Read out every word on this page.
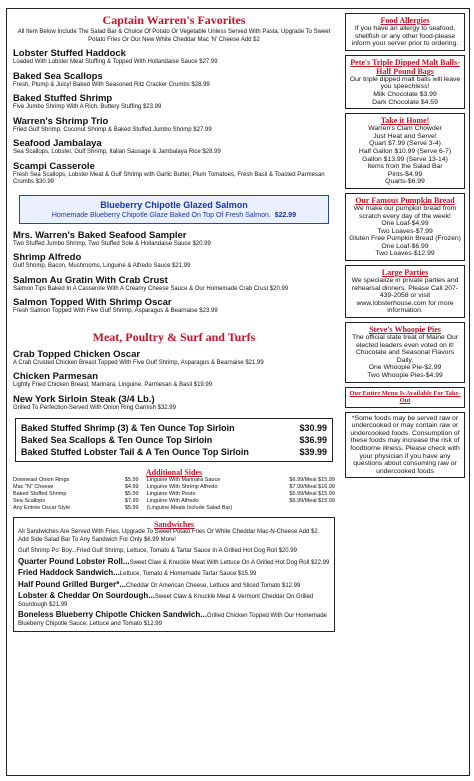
Captain Warren's Favorites
All Item Below Include The Salad Bar & Choice Of Potato Or Vegetable Unless Served With Pasta. Upgrade To Sweet Potato Fries Or Our New White Cheddar Mac 'N' Cheese Add $2
Lobster Stuffed Haddock
Loaded With Lobster Meat Stuffing & Topped With Hollandaise Sauce $27.99
Baked Sea Scallops
Fresh, Plump & Juicy! Baked With Seasoned Ritz Cracker Crumbs $28.99
Baked Stuffed Shrimp
Five Jumbo Shrimp With A Rich, Buttery Stuffing $23.99
Warren's Shrimp Trio
Fried Gulf Shrimp, Coconut Shrimp & Baked Stuffed Jumbo Shrimp $27.99
Seafood Jambalaya
Sea Scallops, Lobster, Gulf Shrimp, Italian Sausage & Jambalaya Rice $28.99
Scampi Casserole
Fresh Sea Scallops, Lobster Meat & Gulf Shrimp with Garlic Butter, Plum Tomatoes, Fresh Basil & Toasted Parmesan Crumbs $30.99
Blueberry Chipotle Glazed Salmon
Homemade Blueberry Chipotle Glaze Baked On Top Of Fresh Salmon. $22.99
Mrs. Warren's Baked Seafood Sampler
Two Stuffed Jumbo Shrimp, Two Stuffed Sole & Hollandaise Sauce $20.99
Shrimp Alfredo
Gulf Shrimp, Bacon, Mushrooms, Linguine & Alfredo Sauce $21.99
Salmon Au Gratin With Crab Crust
Salmon Tips Baked In A Casserole With A Creamy Cheese Sauce & Our Homemade Crab Crust $20.99
Salmon Topped With Shrimp Oscar
Fresh Salmon Topped With Five Gulf Shrimp, Asparagus & Bearnaise $23.99
Meat, Poultry & Surf and Turfs
Crab Topped Chicken Oscar
A Crab Crusted Chicken Breast Topped With Five Gulf Shrimp, Asparagus & Bearnaise $21.99
Chicken Parmesan
Lightly Fried Chicken Breast, Marinara, Linguine, Parmesan & Basil $19.99
New York Sirloin Steak (3/4 Lb.)
Grilled To Perfection-Served With Onion Ring Garnish $32.99
Baked Stuffed Shrimp (3) & Ten Ounce Top Sirloin	$30.99
Baked Sea Scallops & Ten Ounce Top Sirloin	$36.99
Baked Stuffed Lobster Tail & A Ten Ounce Top Sirloin	$39.99
Additional Sides
Downeast Onion Rings	$5.99
Mac "N" Cheese	$4.99
Baked Stuffed Shrimp	$5.99
Sea Scallops	$7.99
Any Entrée Oscar Style	$5.99
Linguine With Marinara Sauce	$6.99/Meal $15.99
Linguine With Shrimp Alfredo	$7.99/Meal $16.99
Linguine With Pesto	$6.99/Meal $15.99
Linguine With Alfredo	$6.99/Meal $15.99
(Linguine Meals Include Salad Bar)
Sandwiches
All Sandwiches Are Served With Fries. Upgrade To Sweet Potato Fries Or White Cheddar Mac-N-Cheese Add $2. Add Side Salad Bar To Any Sandwich For Only $6.99 More!
Gulf Shrimp Po' Boy...Fried Gulf Shrimp, Lettuce, Tomato & Tartar Sauce In A Grilled Hot Dog Roll $20.99
Quarter Pound Lobster Roll...Sweet Claw & Knuckle Meat With Lettuce On A Grilled Hot Dog Roll $22.99
Fried Haddock Sandwich...Lettuce, Tomato & Homemade Tartar Sauce $15.99
Half Pound Grilled Burger*...Cheddar Or American Cheese, Lettuce and Sliced Tomato $12.99
Lobster & Cheddar On Sourdough...Sweet Claw & Knuckle Meat & Vermont Cheddar On Grilled Sourdough $21.99
Boneless Blueberry Chipotle Chicken Sandwich...Grilled Chicken Topped With Our Homemade Blueberry Chipotle Sauce, Lettuce and Tomato $12.99
Food Allergies
If you have an allergy to seafood, shellfish or any other food-please inform your server prior to ordering.
Pete's Triple Dipped Malt Balls-Half Pound Bags
Our triple dipped malt balls will leave you speechless!
Milk Chocolate $3.99
Dark Chocolate $4.59
Take it Home!
Warren's Clam Chowder
Just Heat and Serve!
Quart $7.99 (Serve 3-4)
Half Gallon $10.99 (Serve 6-7)
Gallon $13.99 (Serve 13-14)
Items from the Salad Bar
Pints-$4.99
Quarts-$6.99
Our Famous Pumpkin Bread
We make our pumpkin bread from scratch every day of the week!
One Loaf-$4.99
Two Loaves-$7.99
Gluten Free Pumpkin Bread (Frozen)
One Loaf-$6.99
Two Loaves-$12.99
Large Parties
We specialize in private parties and rehearsal dinners. Please Call 207-439-2058 or visit www.lobsterhouse.com for more information.
Steve's Whoopie Pies
The official state treat of Maine Our elected leaders even voted on it! Chocolate and Seasonal Flavors Daily.
One Whoopie Pie-$2.99
Two Whoopie Pies-$4.99
Our Entire Menu Is Available For Take-Out
*Some foods may be served raw or undercooked or may contain raw or undercooked foods. Consumption of these foods may increase the risk of foodborne illness. Please check with your physician if you have any questions about consuming raw or undercooked foods
